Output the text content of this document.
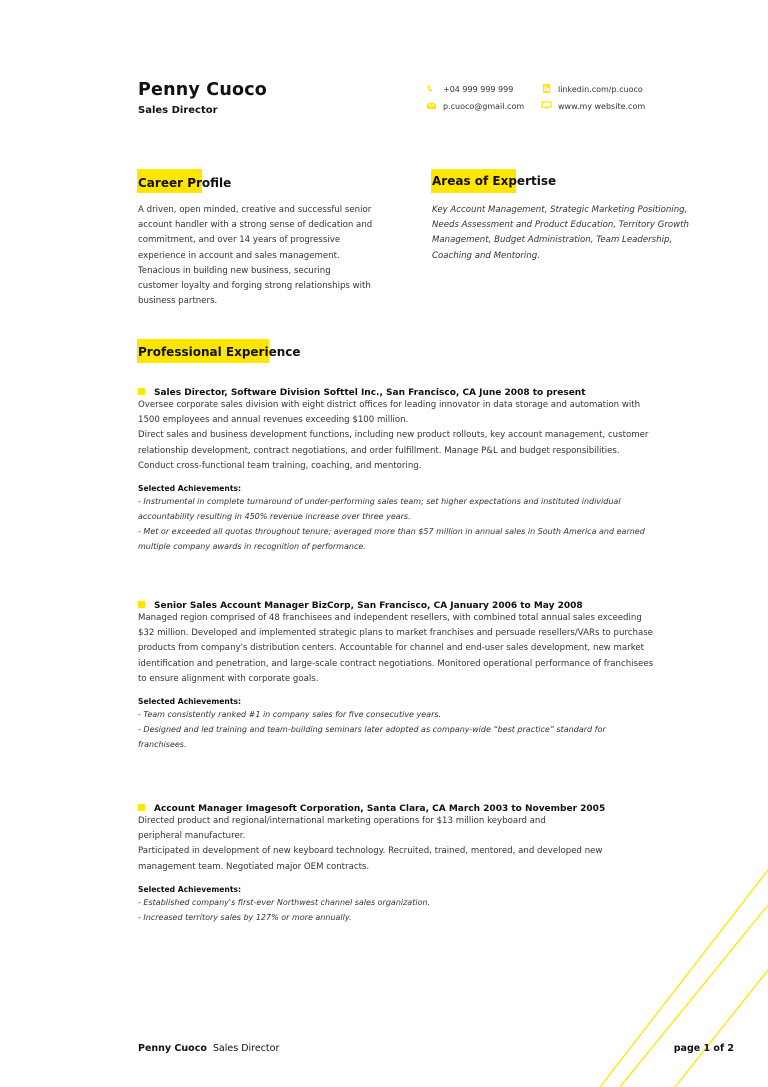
Penny Cuoco
Sales Director
+04 999 999 999
p.cuoco@gmail.com
linkedin.com/p.cuoco
www.my website.com
Career Profile
A driven, open minded, creative and successful senior
account handler with a strong sense of dedication and
commitment, and over 14 years of progressive
experience in account and sales management.
Tenacious in building new business, securing
customer loyalty and forging strong relationships with
business partners.
Areas of Expertise
Key Account Management, Strategic Marketing Positioning,
Needs Assessment and Product Education, Territory Growth
Management, Budget Administration, Team Leadership,
Coaching and Mentoring.
Professional Experience
Sales Director, Software Division Softtel Inc., San Francisco, CA June 2008 to present
Oversee corporate sales division with eight district offices for leading innovator in data storage and automation with
1500 employees and annual revenues exceeding $100 million.
Direct sales and business development functions, including new product rollouts, key account management, customer
relationship development, contract negotiations, and order fulfillment. Manage P&L and budget responsibilities.
Conduct cross-functional team training, coaching, and mentoring.
Selected Achievements:
- Instrumental in complete turnaround of under-performing sales team; set higher expectations and instituted individual
accountability resulting in 450% revenue increase over three years.
- Met or exceeded all quotas throughout tenure; averaged more than $57 million in annual sales in South America and earned
multiple company awards in recognition of performance.
Senior Sales Account Manager BizCorp, San Francisco, CA January 2006 to May 2008
Managed region comprised of 48 franchisees and independent resellers, with combined total annual sales exceeding
$32 million. Developed and implemented strategic plans to market franchises and persuade resellers/VARs to purchase
products from company's distribution centers. Accountable for channel and end-user sales development, new market
identification and penetration, and large-scale contract negotiations. Monitored operational performance of franchisees
to ensure alignment with corporate goals.
Selected Achievements:
- Team consistently ranked #1 in company sales for five consecutive years.
- Designed and led training and team-building seminars later adopted as company-wide “best practice” standard for
franchisees.
Account Manager Imagesoft Corporation, Santa Clara, CA March 2003 to November 2005
Directed product and regional/international marketing operations for $13 million keyboard and
peripheral manufacturer.
Participated in development of new keyboard technology. Recruited, trained, mentored, and developed new
management team. Negotiated major OEM contracts.
Selected Achievements:
- Established company's first-ever Northwest channel sales organization.
- Increased territory sales by 127% or more annually.
Penny Cuoco Sales Director	page 1 of 2
